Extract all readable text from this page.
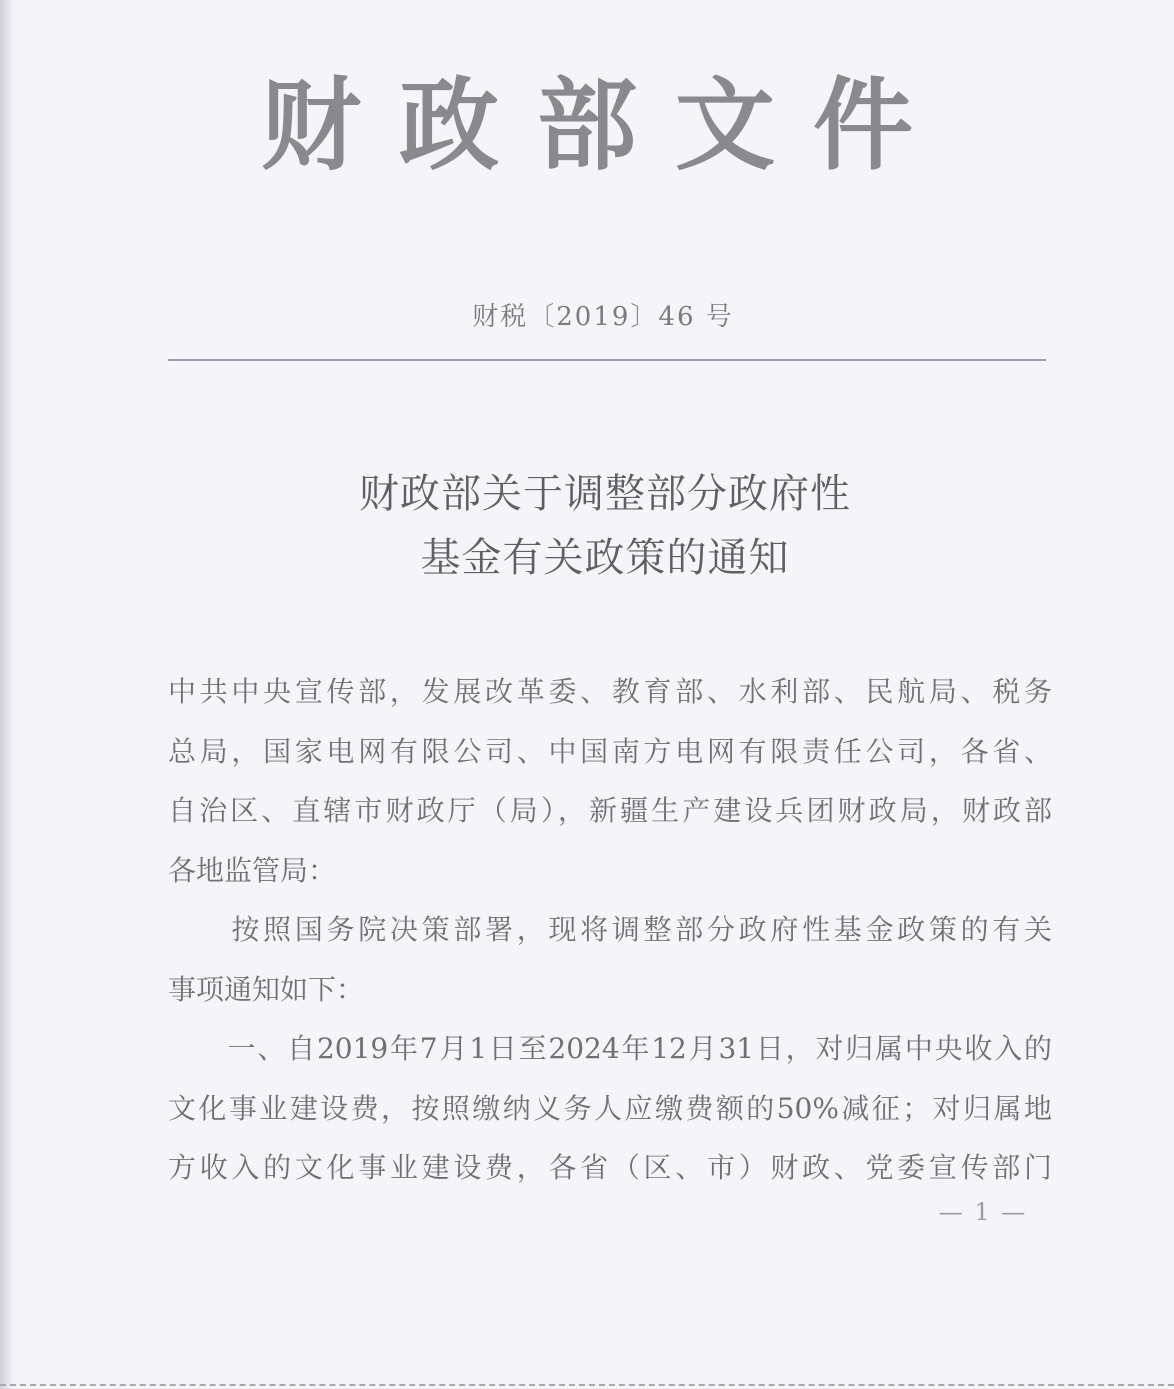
财政部文件
财税〔2019〕46 号
财政部关于调整部分政府性
基金有关政策的通知
中共中央宣传部，发展改革委、教育部、水利部、民航局、税务
总局，国家电网有限公司、中国南方电网有限责任公司，各省、
自治区、直辖市财政厅（局），新疆生产建设兵团财政局，财政部
各地监管局：
　　按照国务院决策部署，现将调整部分政府性基金政策的有关
事项通知如下：
　　一、自2019年7月1日至2024年12月31日，对归属中央收入的
文化事业建设费，按照缴纳义务人应缴费额的50%减征；对归属地
方收入的文化事业建设费，各省（区、市）财政、党委宣传部门
— 1 —
